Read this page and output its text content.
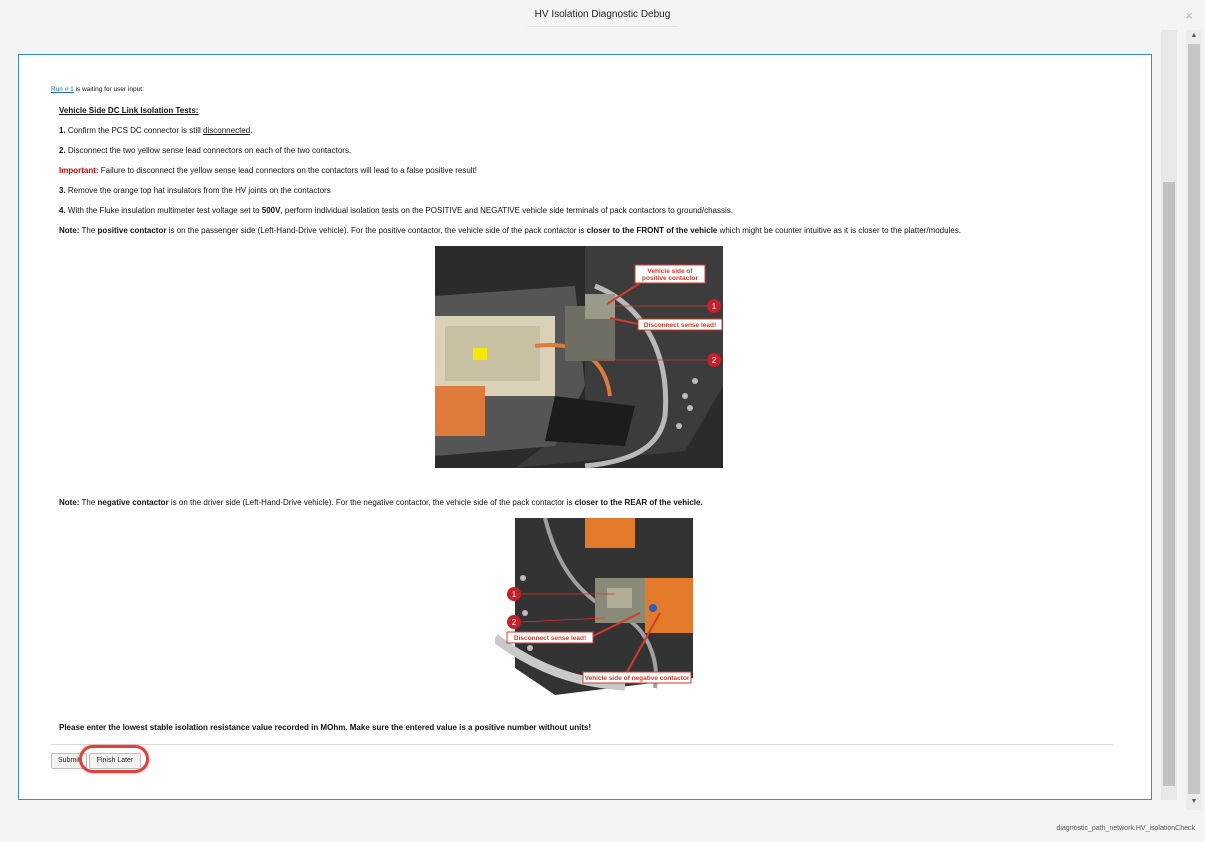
HV Isolation Diagnostic Debug	×
Run # 1 is waiting for user input:

Vehicle Side DC Link Isolation Tests:

1. Confirm the PCS DC connector is still disconnected.

2. Disconnect the two yellow sense lead connectors on each of the two contactors.

Important: Failure to disconnect the yellow sense lead connectors on the contactors will lead to a false positive result!

3. Remove the orange top hat insulators from the HV joints on the contactors

4. With the Fluke insulation multimeter test voltage set to 500V, perform individual isolation tests on the POSITIVE and NEGATIVE vehicle side terminals of pack contactors to ground/chassis.

Note: The positive contactor is on the passenger side (Left-Hand-Drive vehicle). For the positive contactor, the vehicle side of the pack contactor is closer to the FRONT of the vehicle which might be counter intuitive as it is closer to the platter/modules.

Note: The negative contactor is on the driver side (Left-Hand-Drive vehicle). For the negative contactor, the vehicle side of the pack contactor is closer to the REAR of the vehicle.

Please enter the lowest stable isolation resistance value recorded in MOhm. Make sure the entered value is a positive number without units!

Vehicle side of
positive contactor
1
Disconnect sense lead!
2
1
2
Disconnect sense lead!
Vehicle side of negative contactor
Submit	Finish Later
▲
▼
diagnostic_path_network.HV_isolationCheck
